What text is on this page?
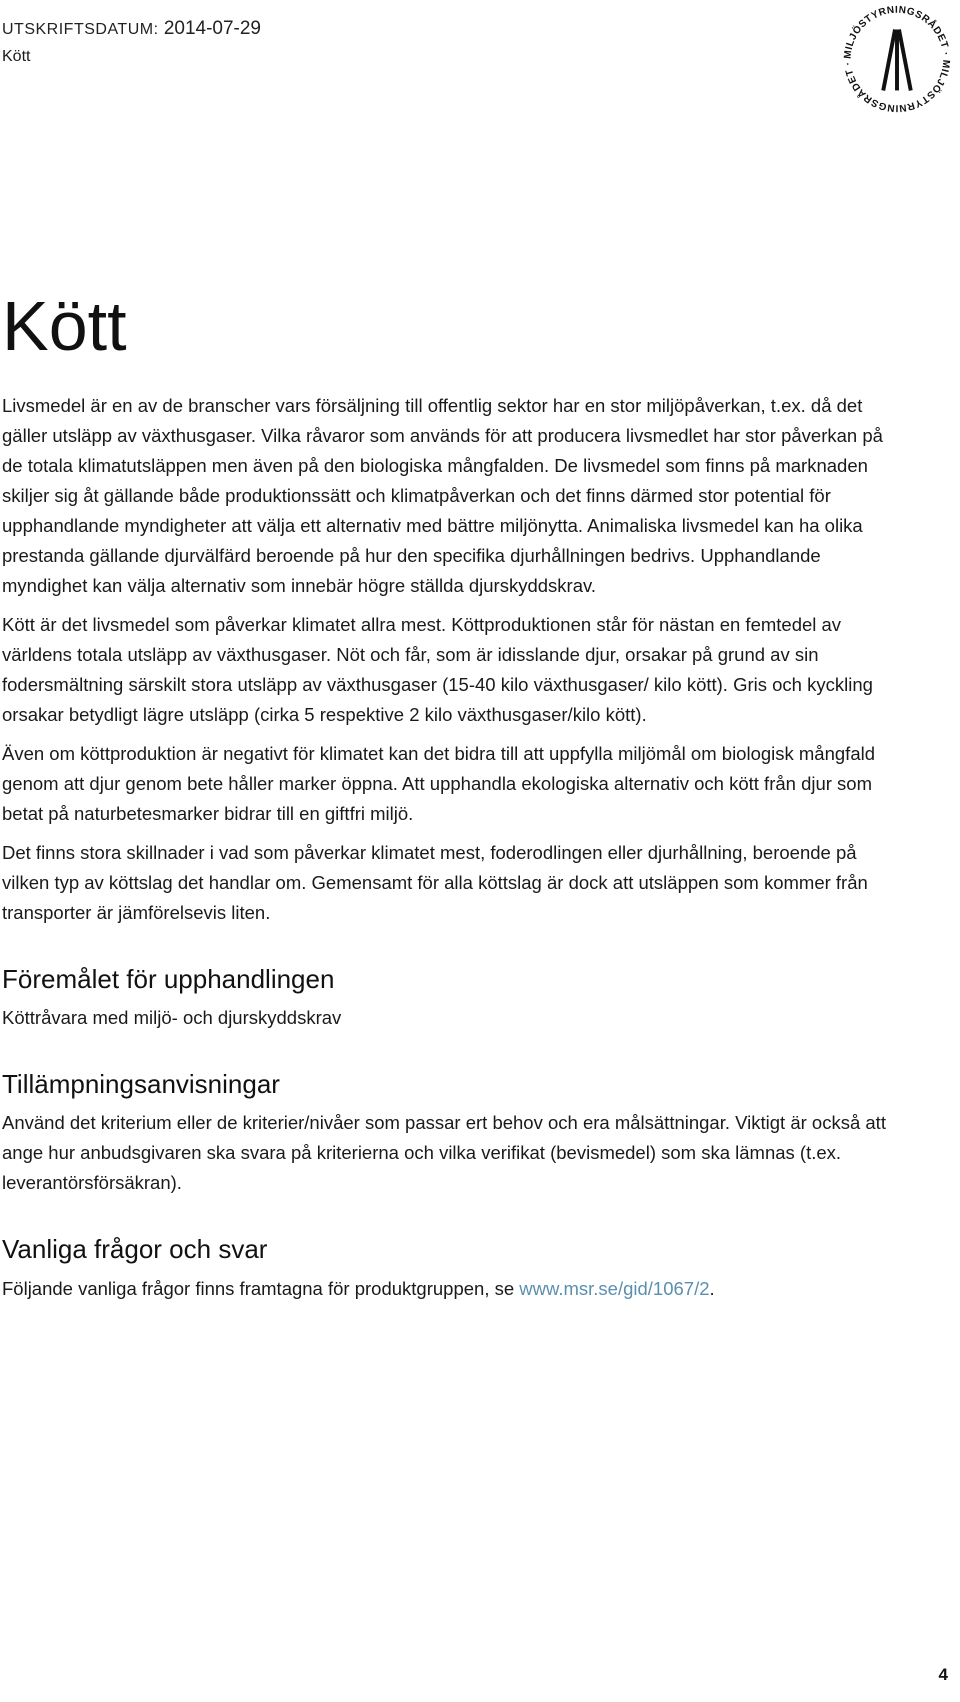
UTSKRIFTSDATUM: 2014-07-29
Kött	MILJÖSTYRNINGSRÅDET · MILJÖSTYRNINGSRÅDET ·
Kött

Livsmedel är en av de branscher vars försäljning till offentlig sektor har en stor miljöpåverkan, t.ex. då det gäller utsläpp av växthusgaser. Vilka råvaror som används för att producera livsmedlet har stor påverkan på de totala klimatutsläppen men även på den biologiska mångfalden. De livsmedel som finns på marknaden skiljer sig åt gällande både produktionssätt och klimatpåverkan och det finns därmed stor potential för upphandlande myndigheter att välja ett alternativ med bättre miljönytta. Animaliska livsmedel kan ha olika prestanda gällande djurvälfärd beroende på hur den specifika djurhållningen bedrivs. Upphandlande myndighet kan välja alternativ som innebär högre ställda djurskyddskrav.

Kött är det livsmedel som påverkar klimatet allra mest. Köttproduktionen står för nästan en femtedel av världens totala utsläpp av växthusgaser. Nöt och får, som är idisslande djur, orsakar på grund av sin fodersmältning särskilt stora utsläpp av växthusgaser (15-40 kilo växthusgaser/ kilo kött). Gris och kyckling orsakar betydligt lägre utsläpp (cirka 5 respektive 2 kilo växthusgaser/kilo kött).

Även om köttproduktion är negativt för klimatet kan det bidra till att uppfylla miljömål om biologisk mångfald genom att djur genom bete håller marker öppna. Att upphandla ekologiska alternativ och kött från djur som betat på naturbetesmarker bidrar till en giftfri miljö.

Det finns stora skillnader i vad som påverkar klimatet mest, foderodlingen eller djurhållning, beroende på vilken typ av köttslag det handlar om. Gemensamt för alla köttslag är dock att utsläppen som kommer från transporter är jämförelsevis liten.

Föremålet för upphandlingen

Köttråvara med miljö- och djurskyddskrav

Tillämpningsanvisningar

Använd det kriterium eller de kriterier/nivåer som passar ert behov och era målsättningar. Viktigt är också att ange hur anbudsgivaren ska svara på kriterierna och vilka verifikat (bevismedel) som ska lämnas (t.ex. leverantörsförsäkran).

Vanliga frågor och svar

Följande vanliga frågor finns framtagna för produktgruppen, se www.msr.se/gid/1067/2.

4
